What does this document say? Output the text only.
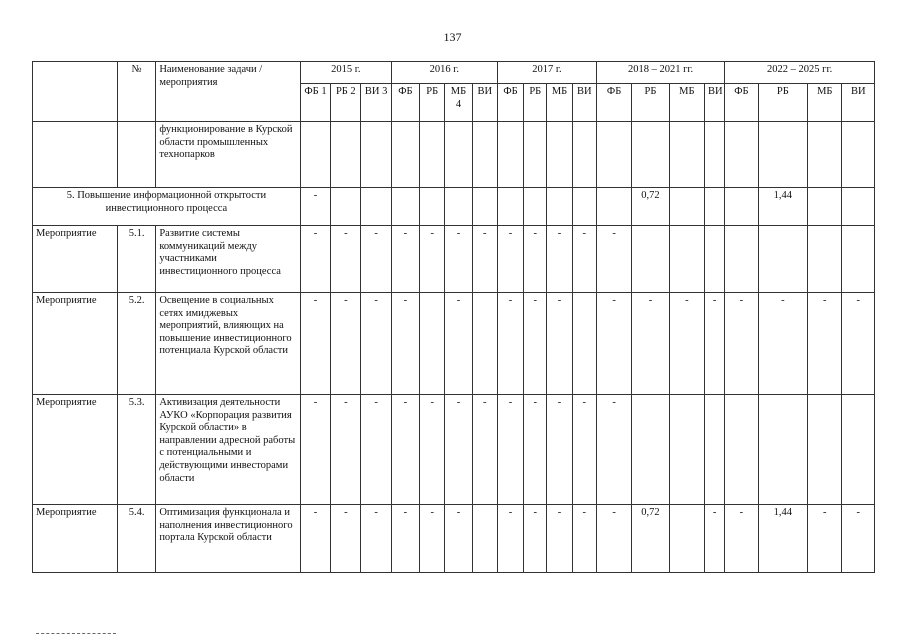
137
	№	Наименование задачи / мероприятия	2015 г.			2016 г.				2017 г.				2018 – 2021 гг.				2022 – 2025 гг.			
			ФБ 1	РБ 2	ВИ 3	ФБ	РБ	МБ 4	ВИ	ФБ	РБ	МБ	ВИ	ФБ	РБ	МБ	ВИ	ФБ	РБ	МБ	ВИ
		функционирование в Курской области промышленных технопарков																			
5. Повышение информационной открытости инвестиционного процесса			-												0,72				1,44		
Мероприятие	5.1.	Развитие системы коммуникаций между участниками инвестиционного процесса	-	-	-	-	-	-	-	-	-	-	-	-							
Мероприятие	5.2.	Освещение в социальных сетях имиджевых мероприятий, влияющих на повышение инвестиционного потенциала Курской области	-	-	-	-		-		-	-	-		-	-	-	-	-	-	-	-
Мероприятие	5.3.	Активизация деятельности АУКО «Корпорация развития Курской области» в направлении адресной работы с потенциальными и действующими инвесторами области	-	-	-	-	-	-	-	-	-	-	-	-							
Мероприятие	5.4.	Оптимизация функционала и наполнения инвестиционного портала Курской области	-	-	-	-	-	-		-	-	-	-	-	0,72		-	-	1,44	-	-
